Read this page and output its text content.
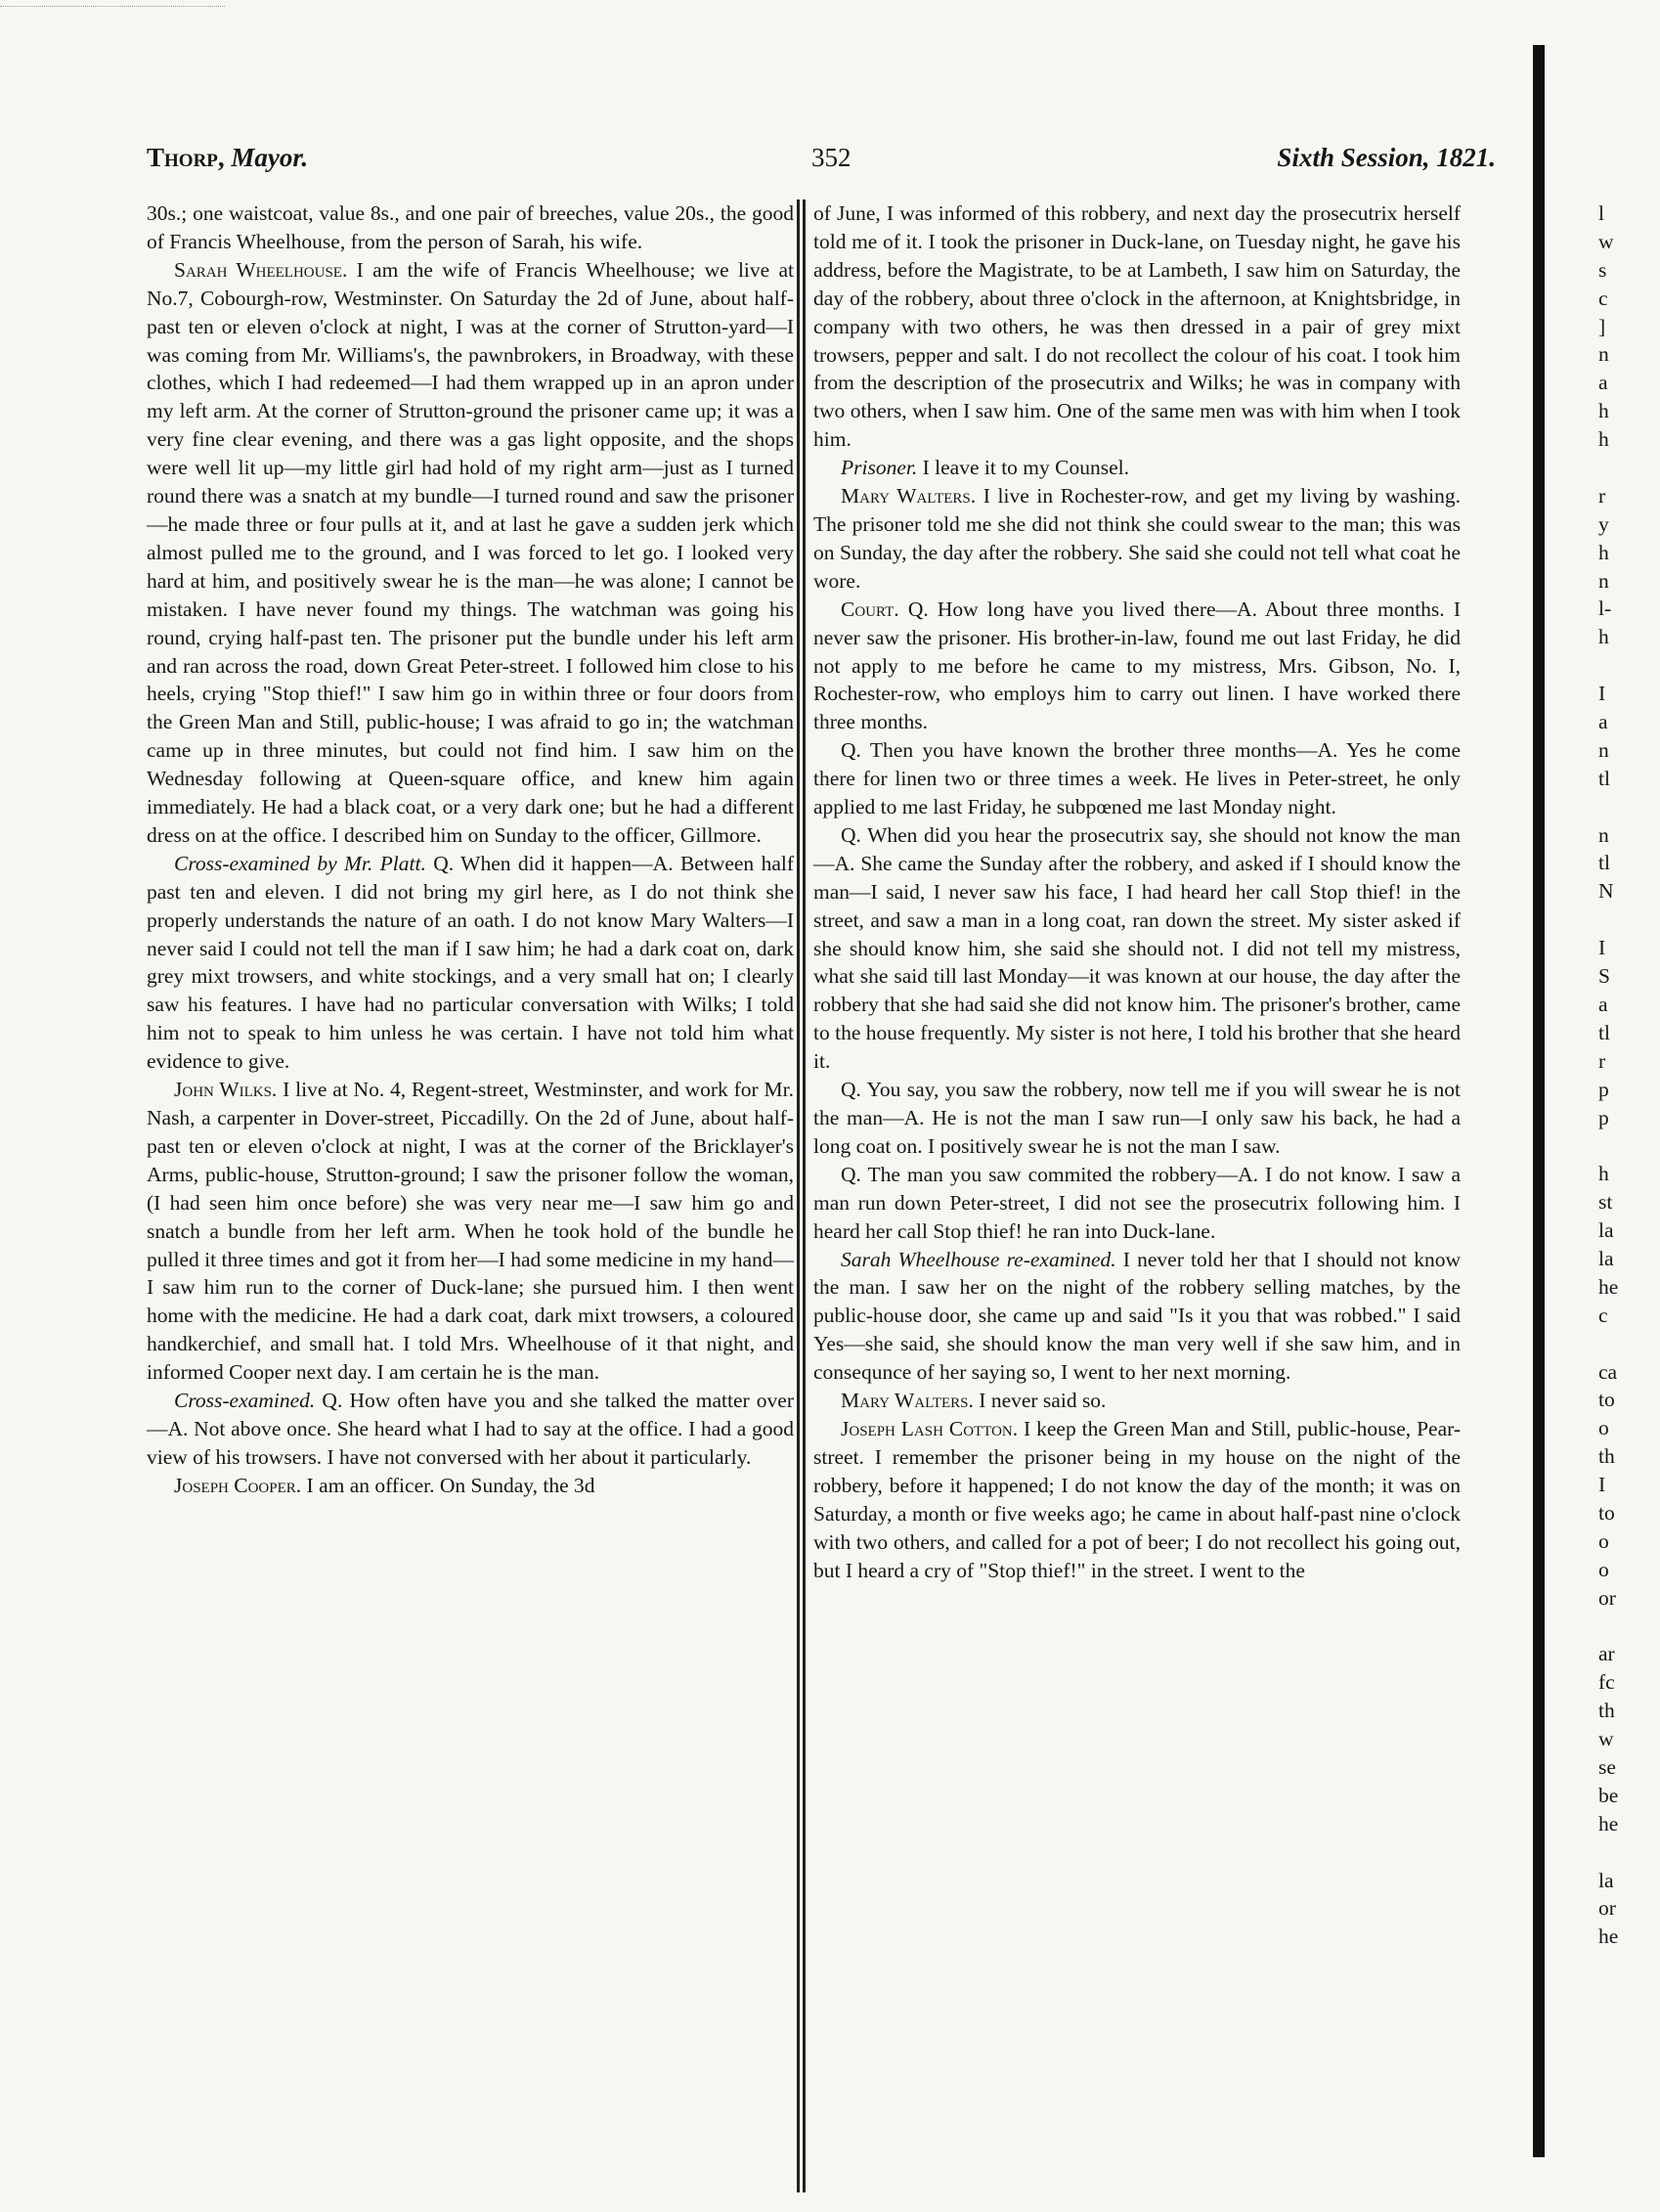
Thorp, Mayor.	352	Sixth Session, 1821.

30s.; one waistcoat, value 8s., and one pair of breeches, value 20s., the good of Francis Wheelhouse, from the person of Sarah, his wife.

Sarah Wheelhouse. I am the wife of Francis Wheelhouse; we live at No.7, Cobourgh-row, Westminster. On Saturday the 2d of June, about half-past ten or eleven o'clock at night, I was at the corner of Strutton-yard—I was coming from Mr. Williams's, the pawnbrokers, in Broadway, with these clothes, which I had redeemed—I had them wrapped up in an apron under my left arm. At the corner of Strutton-ground the prisoner came up; it was a very fine clear evening, and there was a gas light opposite, and the shops were well lit up—my little girl had hold of my right arm—just as I turned round there was a snatch at my bundle—I turned round and saw the prisoner—he made three or four pulls at it, and at last he gave a sudden jerk which almost pulled me to the ground, and I was forced to let go. I looked very hard at him, and positively swear he is the man—he was alone; I cannot be mistaken. I have never found my things. The watchman was going his round, crying half-past ten. The prisoner put the bundle under his left arm and ran across the road, down Great Peter-street. I followed him close to his heels, crying "Stop thief!" I saw him go in within three or four doors from the Green Man and Still, public-house; I was afraid to go in; the watchman came up in three minutes, but could not find him. I saw him on the Wednesday following at Queen-square office, and knew him again immediately. He had a black coat, or a very dark one; but he had a different dress on at the office. I described him on Sunday to the officer, Gillmore.

Cross-examined by Mr. Platt. Q. When did it happen—A. Between half past ten and eleven. I did not bring my girl here, as I do not think she properly understands the nature of an oath. I do not know Mary Walters—I never said I could not tell the man if I saw him; he had a dark coat on, dark grey mixt trowsers, and white stockings, and a very small hat on; I clearly saw his features. I have had no particular conversation with Wilks; I told him not to speak to him unless he was certain. I have not told him what evidence to give.

John Wilks. I live at No. 4, Regent-street, Westminster, and work for Mr. Nash, a carpenter in Dover-street, Piccadilly. On the 2d of June, about half-past ten or eleven o'clock at night, I was at the corner of the Bricklayer's Arms, public-house, Strutton-ground; I saw the prisoner follow the woman, (I had seen him once before) she was very near me—I saw him go and snatch a bundle from her left arm. When he took hold of the bundle he pulled it three times and got it from her—I had some medicine in my hand—I saw him run to the corner of Duck-lane; she pursued him. I then went home with the medicine. He had a dark coat, dark mixt trowsers, a coloured handkerchief, and small hat. I told Mrs. Wheelhouse of it that night, and informed Cooper next day. I am certain he is the man.

Cross-examined. Q. How often have you and she talked the matter over—A. Not above once. She heard what I had to say at the office. I had a good view of his trowsers. I have not conversed with her about it particularly.

Joseph Cooper. I am an officer. On Sunday, the 3d

of June, I was informed of this robbery, and next day the prosecutrix herself told me of it. I took the prisoner in Duck-lane, on Tuesday night, he gave his address, before the Magistrate, to be at Lambeth, I saw him on Saturday, the day of the robbery, about three o'clock in the afternoon, at Knightsbridge, in company with two others, he was then dressed in a pair of grey mixt trowsers, pepper and salt. I do not recollect the colour of his coat. I took him from the description of the prosecutrix and Wilks; he was in company with two others, when I saw him. One of the same men was with him when I took him.

Prisoner. I leave it to my Counsel.

Mary Walters. I live in Rochester-row, and get my living by washing. The prisoner told me she did not think she could swear to the man; this was on Sunday, the day after the robbery. She said she could not tell what coat he wore.

Court. Q. How long have you lived there—A. About three months. I never saw the prisoner. His brother-in-law, found me out last Friday, he did not apply to me before he came to my mistress, Mrs. Gibson, No. I, Rochester-row, who employs him to carry out linen. I have worked there three months.

Q. Then you have known the brother three months—A. Yes he come there for linen two or three times a week. He lives in Peter-street, he only applied to me last Friday, he subpœned me last Monday night.

Q. When did you hear the prosecutrix say, she should not know the man—A. She came the Sunday after the robbery, and asked if I should know the man—I said, I never saw his face, I had heard her call Stop thief! in the street, and saw a man in a long coat, ran down the street. My sister asked if she should know him, she said she should not. I did not tell my mistress, what she said till last Monday—it was known at our house, the day after the robbery that she had said she did not know him. The prisoner's brother, came to the house frequently. My sister is not here, I told his brother that she heard it.

Q. You say, you saw the robbery, now tell me if you will swear he is not the man—A. He is not the man I saw run—I only saw his back, he had a long coat on. I positively swear he is not the man I saw.

Q. The man you saw commited the robbery—A. I do not know. I saw a man run down Peter-street, I did not see the prosecutrix following him. I heard her call Stop thief! he ran into Duck-lane.

Sarah Wheelhouse re-examined. I never told her that I should not know the man. I saw her on the night of the robbery selling matches, by the public-house door, she came up and said "Is it you that was robbed." I said Yes—she said, she should know the man very well if she saw him, and in consequnce of her saying so, I went to her next morning.

Mary Walters. I never said so.

Joseph Lash Cotton. I keep the Green Man and Still, public-house, Pear-street. I remember the prisoner being in my house on the night of the robbery, before it happened; I do not know the day of the month; it was on Saturday, a month or five weeks ago; he came in about half-past nine o'clock with two others, and called for a pot of beer; I do not recollect his going out, but I heard a cry of "Stop thief!" in the street. I went to the

l
w
s
c
]
n
a
h
h
r
y
h
n
l-
h
I
a
n
tl
n
tl
N
I
S
a
tl
r
p
p
h
st
la
la
he
c
ca
to
o
th
I
to
o
o
or
ar
fc
th
w
se
be
he
la
or
he
